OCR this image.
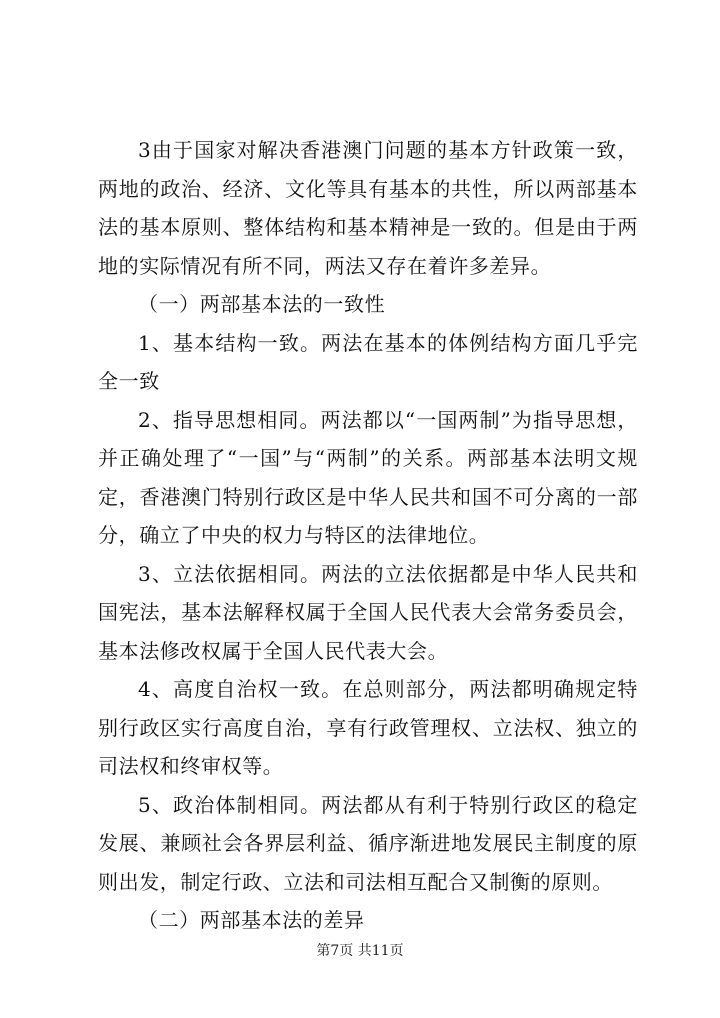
3由于国家对解决香港澳门问题的基本方针政策一致，两地的政治、经济、文化等具有基本的共性，所以两部基本法的基本原则、整体结构和基本精神是一致的。但是由于两地的实际情况有所不同，两法又存在着许多差异。

（一）两部基本法的一致性

1、基本结构一致。两法在基本的体例结构方面几乎完全一致

2、指导思想相同。两法都以“一国两制”为指导思想，并正确处理了“一国”与“两制”的关系。两部基本法明文规定，香港澳门特别行政区是中华人民共和国不可分离的一部分，确立了中央的权力与特区的法律地位。

3、立法依据相同。两法的立法依据都是中华人民共和国宪法，基本法解释权属于全国人民代表大会常务委员会，基本法修改权属于全国人民代表大会。

4、高度自治权一致。在总则部分，两法都明确规定特别行政区实行高度自治，享有行政管理权、立法权、独立的司法权和终审权等。

5、政治体制相同。两法都从有利于特别行政区的稳定发展、兼顾社会各界层利益、循序渐进地发展民主制度的原则出发，制定行政、立法和司法相互配合又制衡的原则。

（二）两部基本法的差异

第7页 共11页
